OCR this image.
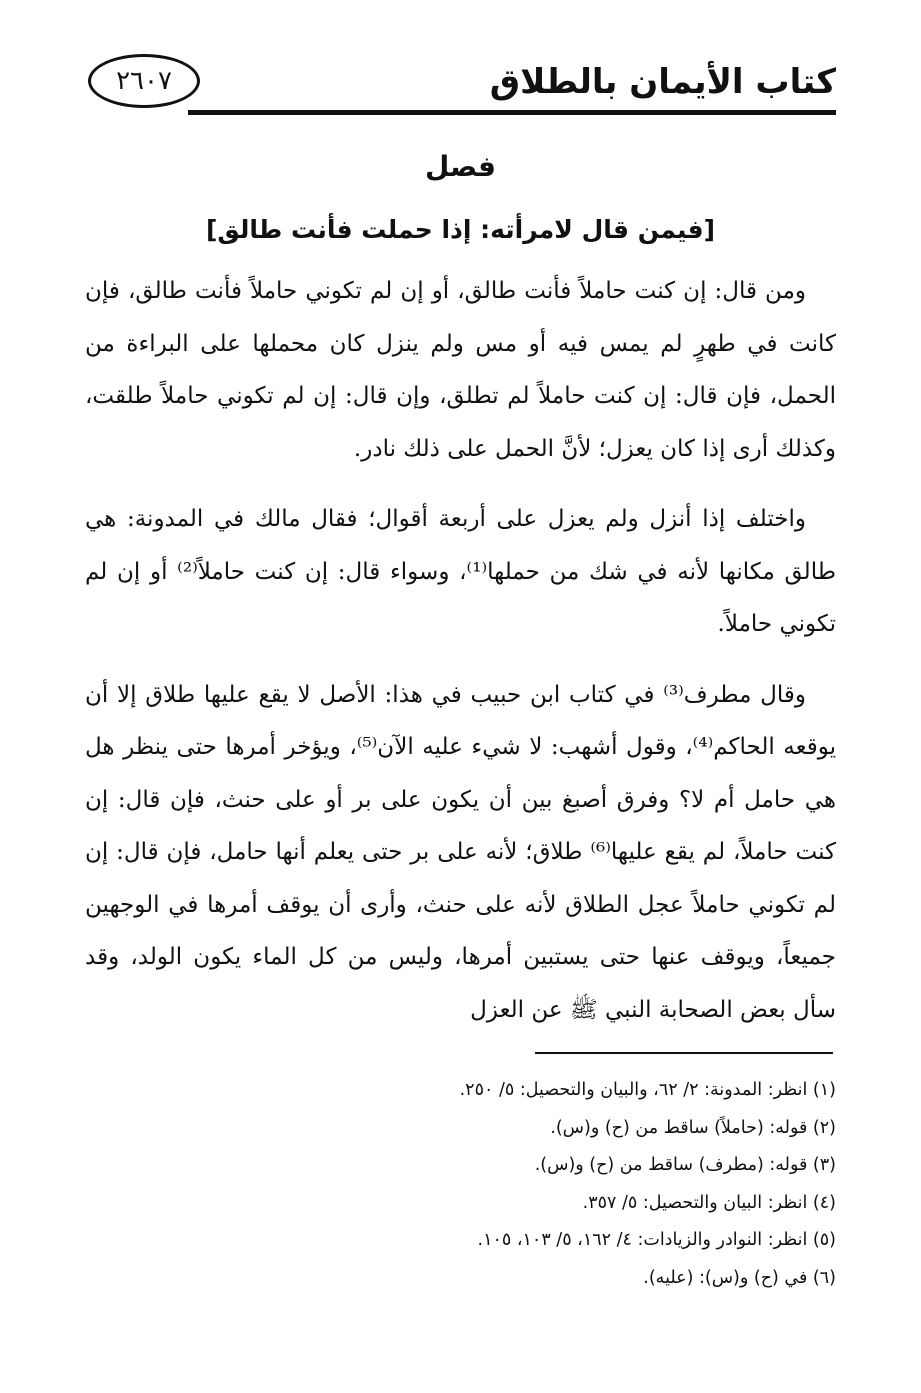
٢٦٠٧	كتاب الأيمان بالطلاق
فصل
[فيمن قال لامرأته: إذا حملت فأنت طالق]

ومن قال: إن كنت حاملاً فأنت طالق، أو إن لم تكوني حاملاً فأنت طالق، فإن كانت في طهرٍ لم يمس فيه أو مس ولم ينزل كان محملها على البراءة من الحمل، فإن قال: إن كنت حاملاً لم تطلق، وإن قال: إن لم تكوني حاملاً طلقت، وكذلك أرى إذا كان يعزل؛ لأنَّ الحمل على ذلك نادر.

واختلف إذا أنزل ولم يعزل على أربعة أقوال؛ فقال مالك في المدونة: هي طالق مكانها لأنه في شك من حملها⁽¹⁾، وسواء قال: إن كنت حاملاً⁽²⁾ أو إن لم تكوني حاملاً.

وقال مطرف⁽³⁾ في كتاب ابن حبيب في هذا: الأصل لا يقع عليها طلاق إلا أن يوقعه الحاكم⁽⁴⁾، وقول أشهب: لا شيء عليه الآن⁽⁵⁾، ويؤخر أمرها حتى ينظر هل هي حامل أم لا؟ وفرق أصبغ بين أن يكون على بر أو على حنث، فإن قال: إن كنت حاملاً، لم يقع عليها⁽⁶⁾ طلاق؛ لأنه على بر حتى يعلم أنها حامل، فإن قال: إن لم تكوني حاملاً عجل الطلاق لأنه على حنث، وأرى أن يوقف أمرها في الوجهين جميعاً، ويوقف عنها حتى يستبين أمرها، وليس من كل الماء يكون الولد، وقد سأل بعض الصحابة النبي ﷺ عن العزل

(١) انظر: المدونة: ٢/ ٦٢، والبيان والتحصيل: ٥/ ٢٥٠.
(٢) قوله: (حاملاً) ساقط من (ح) و(س).
(٣) قوله: (مطرف) ساقط من (ح) و(س).
(٤) انظر: البيان والتحصيل: ٥/ ٣٥٧.
(٥) انظر: النوادر والزيادات: ٤/ ١٦٢، ٥/ ١٠٣، ١٠٥.
(٦) في (ح) و(س): (عليه).
